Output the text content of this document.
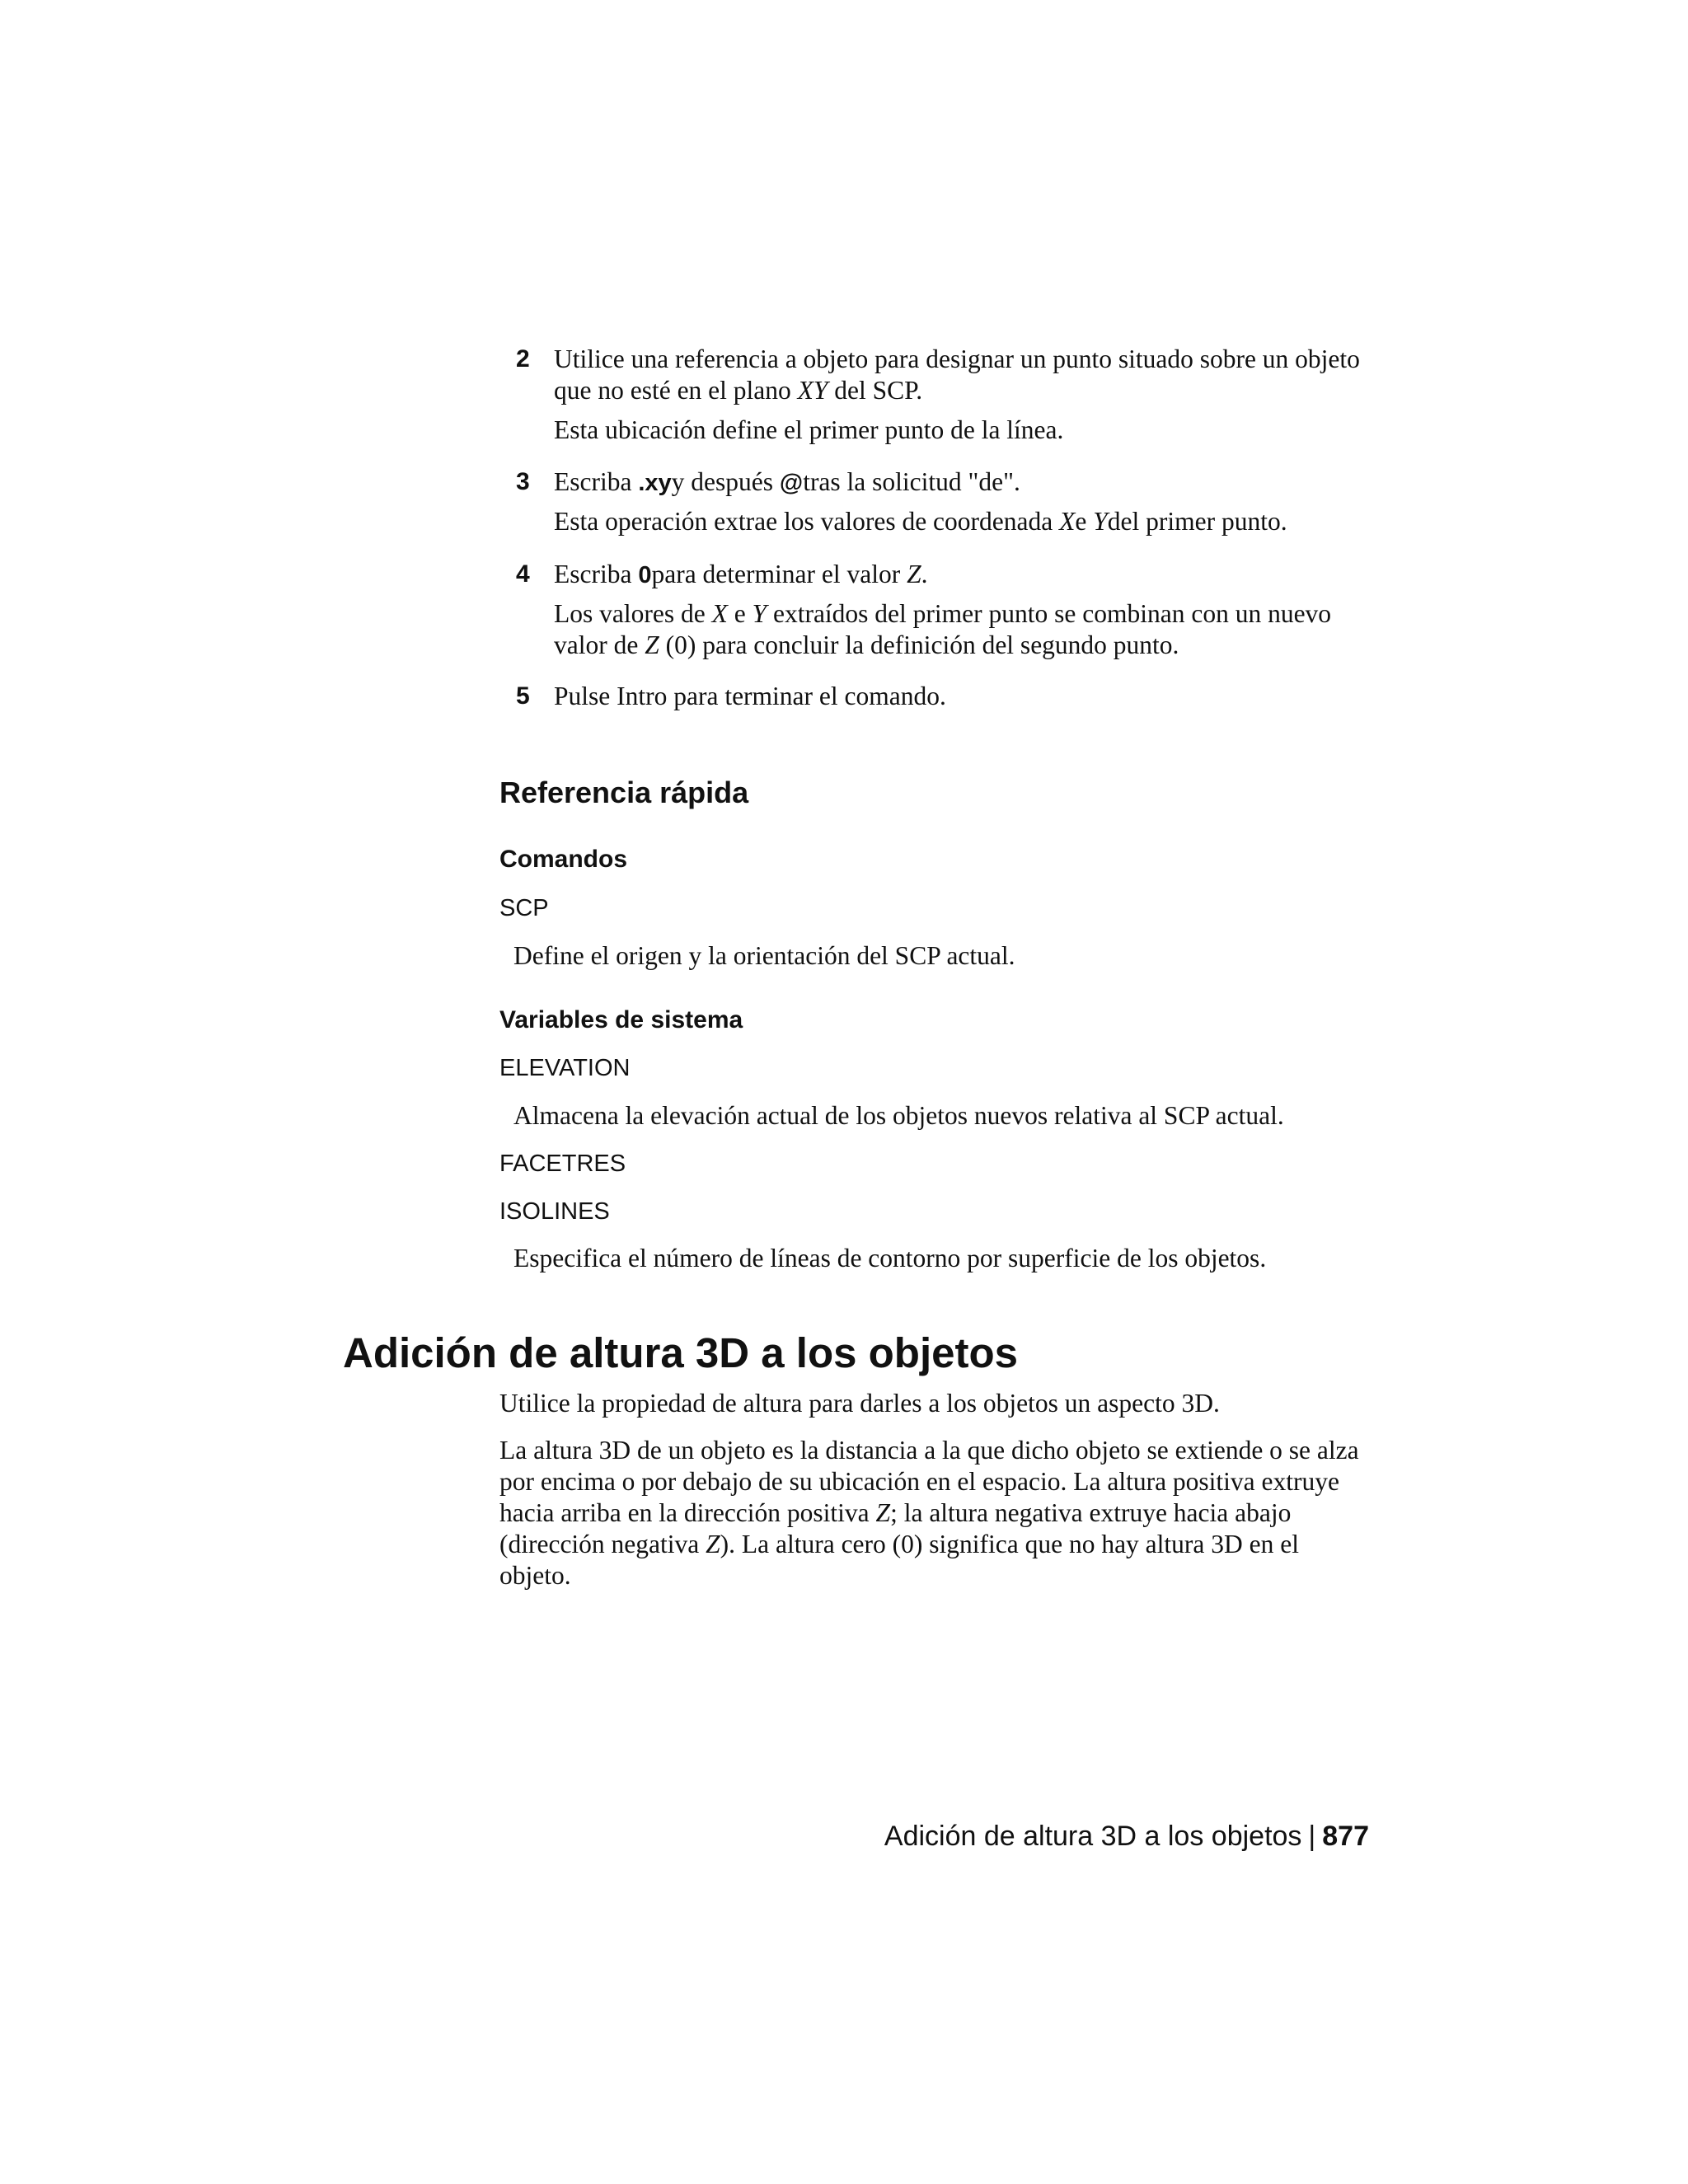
2 Utilice una referencia a objeto para designar un punto situado sobre un objeto que no esté en el plano XY del SCP.
Esta ubicación define el primer punto de la línea.
3 Escriba .xyy después @tras la solicitud "de".
Esta operación extrae los valores de coordenada Xe Ydel primer punto.
4 Escriba 0para determinar el valor Z.
Los valores de X e Y extraídos del primer punto se combinan con un nuevo valor de Z (0) para concluir la definición del segundo punto.
5 Pulse Intro para terminar el comando.
Referencia rápida
Comandos
SCP
Define el origen y la orientación del SCP actual.
Variables de sistema
ELEVATION
Almacena la elevación actual de los objetos nuevos relativa al SCP actual.
FACETRES
ISOLINES
Especifica el número de líneas de contorno por superficie de los objetos.
Adición de altura 3D a los objetos
Utilice la propiedad de altura para darles a los objetos un aspecto 3D.
La altura 3D de un objeto es la distancia a la que dicho objeto se extiende o se alza por encima o por debajo de su ubicación en el espacio. La altura positiva extruye hacia arriba en la dirección positiva Z; la altura negativa extruye hacia abajo (dirección negativa Z). La altura cero (0) significa que no hay altura 3D en el objeto.
Adición de altura 3D a los objetos | 877
